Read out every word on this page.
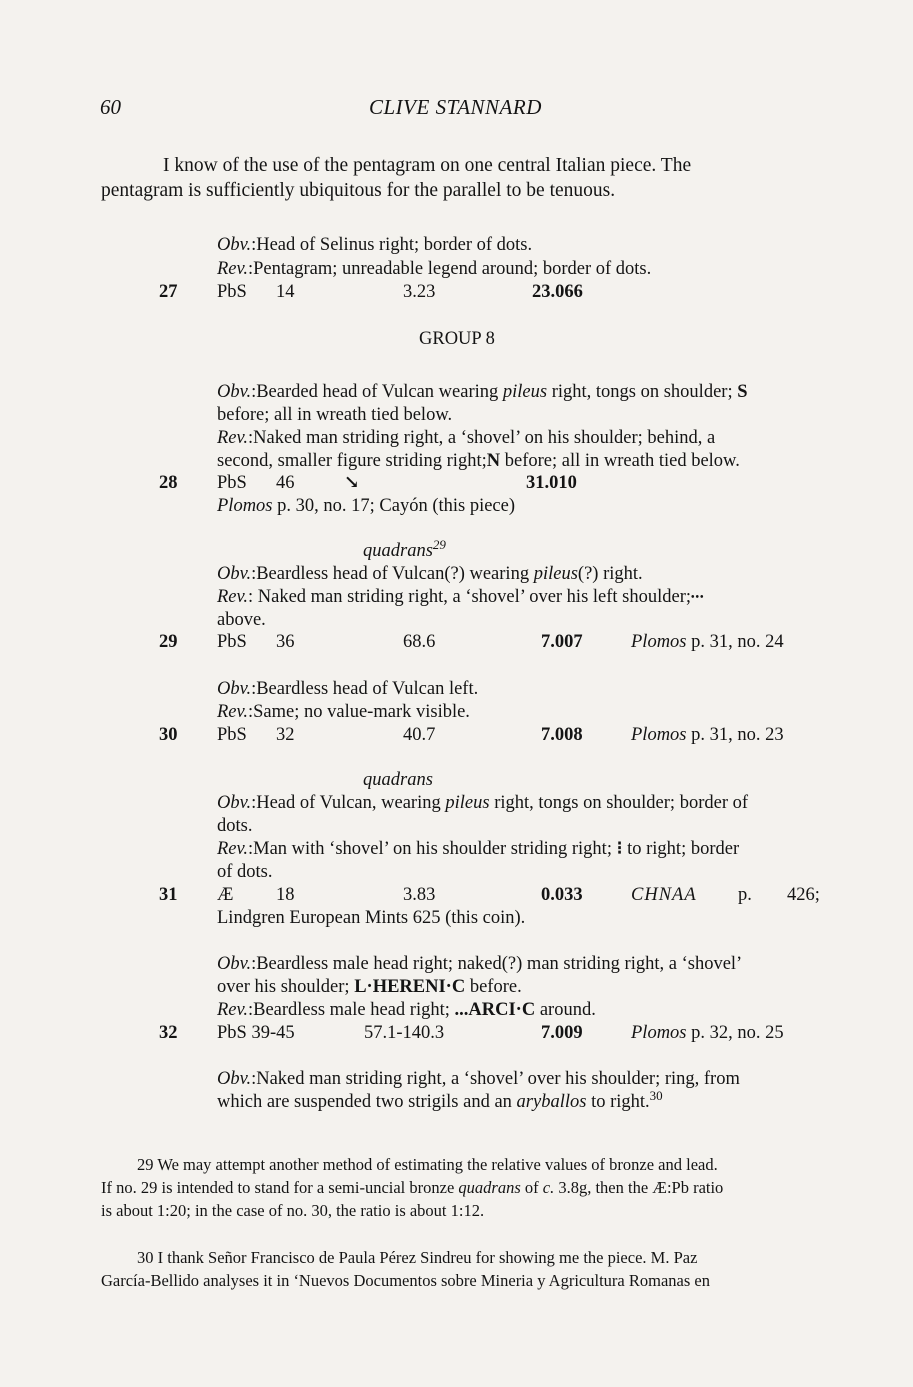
60	CLIVE STANNARD
I know of the use of the pentagram on one central Italian piece. The
pentagram is sufficiently ubiquitous for the parallel to be tenuous.
Obv.:Head of Selinus right; border of dots.
Rev.:Pentagram; unreadable legend around; border of dots.
27 PbS 14	3.23	23.066
GROUP 8
Obv.:Bearded head of Vulcan wearing pileus right, tongs on shoulder; S
before; all in wreath tied below.
Rev.:Naked man striding right, a ‘shovel’ on his shoulder; behind, a
second, smaller figure striding right;N before; all in wreath tied below.
28 PbS 46	↘	31.010
Plomos p. 30, no. 17; Cayón (this piece)
quadrans$^{29}$
Obv.:Beardless head of Vulcan(?) wearing pileus(?) right.
Rev.: Naked man striding right, a ‘shovel’ over his left shoulder;•••
above.
29 PbS 36	68.6	7.007	Plomos p. 31, no. 24
Obv.:Beardless head of Vulcan left.
Rev.:Same; no value-mark visible.
30 PbS 32	40.7	7.008	Plomos p. 31, no. 23
quadrans
Obv.:Head of Vulcan, wearing pileus right, tongs on shoulder; border of
dots.
Rev.:Man with ‘shovel’ on his shoulder striding right; ⁝ to right; border
of dots.
31 Æ 18	3.83	0.033	CHNAA p. 426;
Lindgren European Mints 625 (this coin).
Obv.:Beardless male head right; naked(?) man striding right, a ‘shovel’
over his shoulder; L·HERENI·C before.
Rev.:Beardless male head right; ...ARCI·C around.
32 PbS 39-45	57.1-140.3	7.009	Plomos p. 32, no. 25
Obv.:Naked man striding right, a ‘shovel’ over his shoulder; ring, from
which are suspended two strigils and an aryballos to right.$^{30}$
29 We may attempt another method of estimating the relative values of bronze and lead.
If no. 29 is intended to stand for a semi-uncial bronze quadrans of c. 3.8g, then the Æ:Pb ratio
is about 1:20; in the case of no. 30, the ratio is about 1:12.
30 I thank Señor Francisco de Paula Pérez Sindreu for showing me the piece. M. Paz
García-Bellido analyses it in ‘Nuevos Documentos sobre Mineria y Agricultura Romanas en
